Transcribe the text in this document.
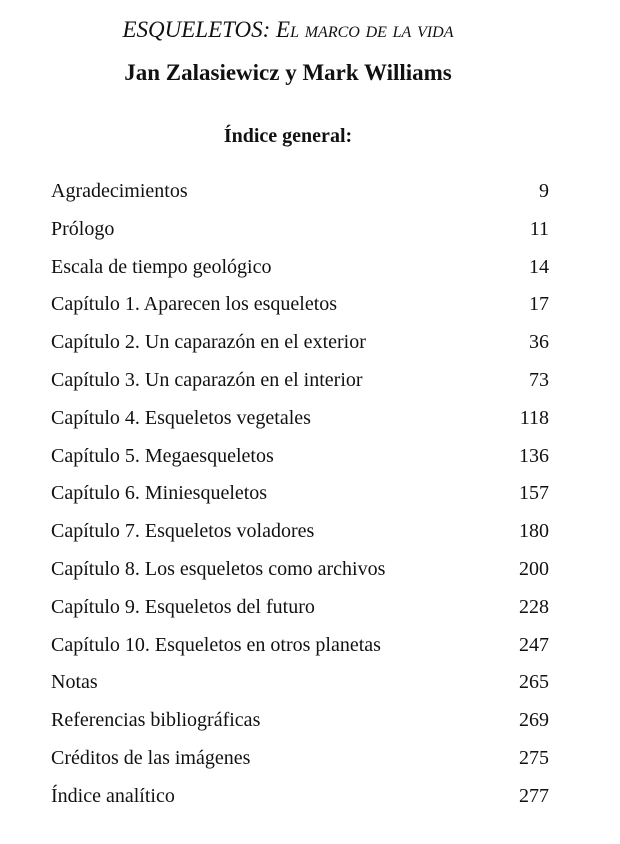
ESQUELETOS: El marco de la vida
Jan Zalasiewicz y Mark Williams
Índice general:
Agradecimientos	9
Prólogo	11
Escala de tiempo geológico	14
Capítulo 1. Aparecen los esqueletos	17
Capítulo 2. Un caparazón en el exterior	36
Capítulo 3. Un caparazón en el interior	73
Capítulo 4. Esqueletos vegetales	118
Capítulo 5. Megaesqueletos	136
Capítulo 6. Miniesqueletos	157
Capítulo 7. Esqueletos voladores	180
Capítulo 8. Los esqueletos como archivos	200
Capítulo 9. Esqueletos del futuro	228
Capítulo 10. Esqueletos en otros planetas	247
Notas	265
Referencias bibliográficas	269
Créditos de las imágenes	275
Índice analítico	277
